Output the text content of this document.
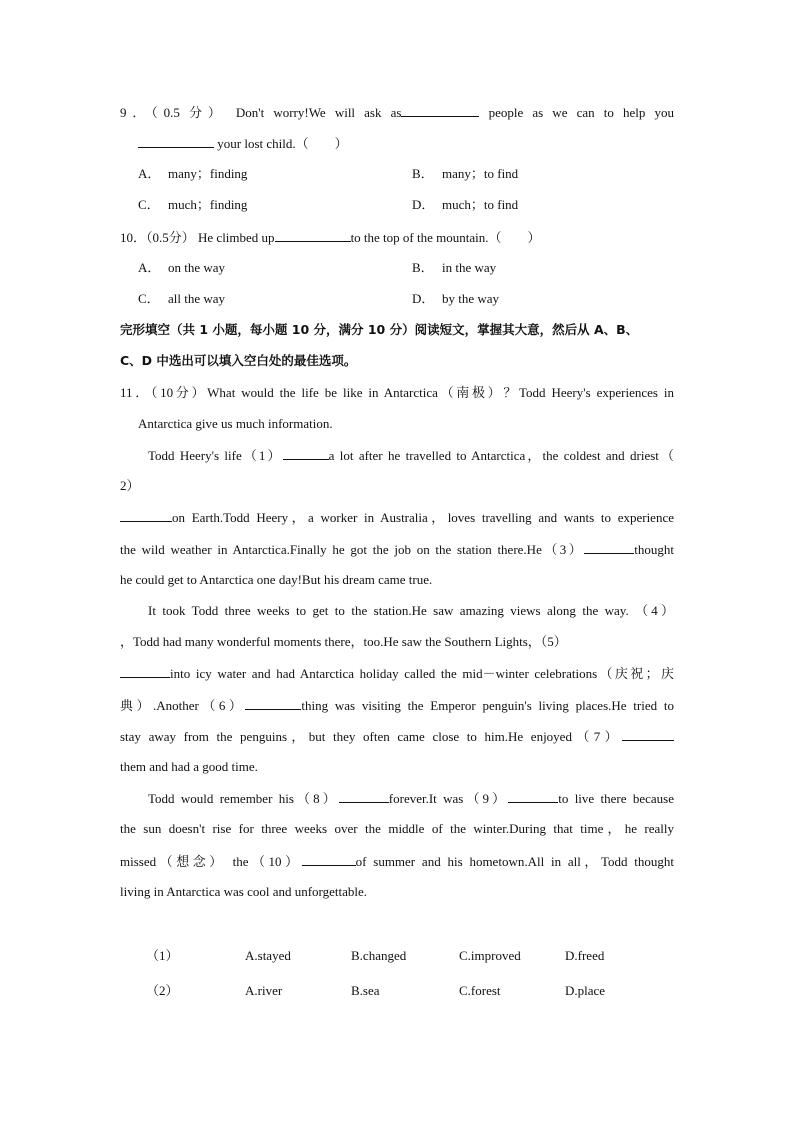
9．（0.5 分） Don't worry!We will ask as	people as we can to help you
your lost child.（　　）
A． many；finding	B． many；to find
C． much；finding	D． much；to find
10．（0.5分） He climbed up	to the top of the mountain.（　　）
A． on the way	B． in the way
C． all the way	D． by the way
完形填空（共 1 小题，每小题 10 分，满分 10 分）阅读短文，掌握其大意，然后从 A、B、
C、D 中选出可以填入空白处的最佳选项。
11．（10分）What would the life be like in Antarctica（南极）？Todd Heery's experiences in
Antarctica give us much information.
Todd Heery's life（1）	a lot after he travelled to Antarctica，the coldest and driest（
2）
on Earth.Todd Heery，a worker in Australia，loves travelling and wants to experience
the wild weather in Antarctica.Finally he got the job on the station there.He（3）	thought
he could get to Antarctica one day!But his dream came true.
It took Todd three weeks to get to the station.He saw amazing views along the way. （4）
，Todd had many wonderful moments there，too.He saw the Southern Lights，（5）
into icy water and had Antarctica holiday called the mid－winter celebrations（庆祝；庆
典）.Another（6）	thing was visiting the Emperor penguin's living places.He tried to
stay away from the penguins，but they often came close to him.He enjoyed（7）
them and had a good time.
Todd would remember his（8）	forever.It was（9）	to live there because
the sun doesn't rise for three weeks over the middle of the winter.During that time，he really
missed（想念） the（10）	of summer and his hometown.All in all，Todd thought
living in Antarctica was cool and unforgettable.
（1）	A.stayed	B.changed	C.improved	D.freed
（2）	A.river	B.sea	C.forest	D.place
